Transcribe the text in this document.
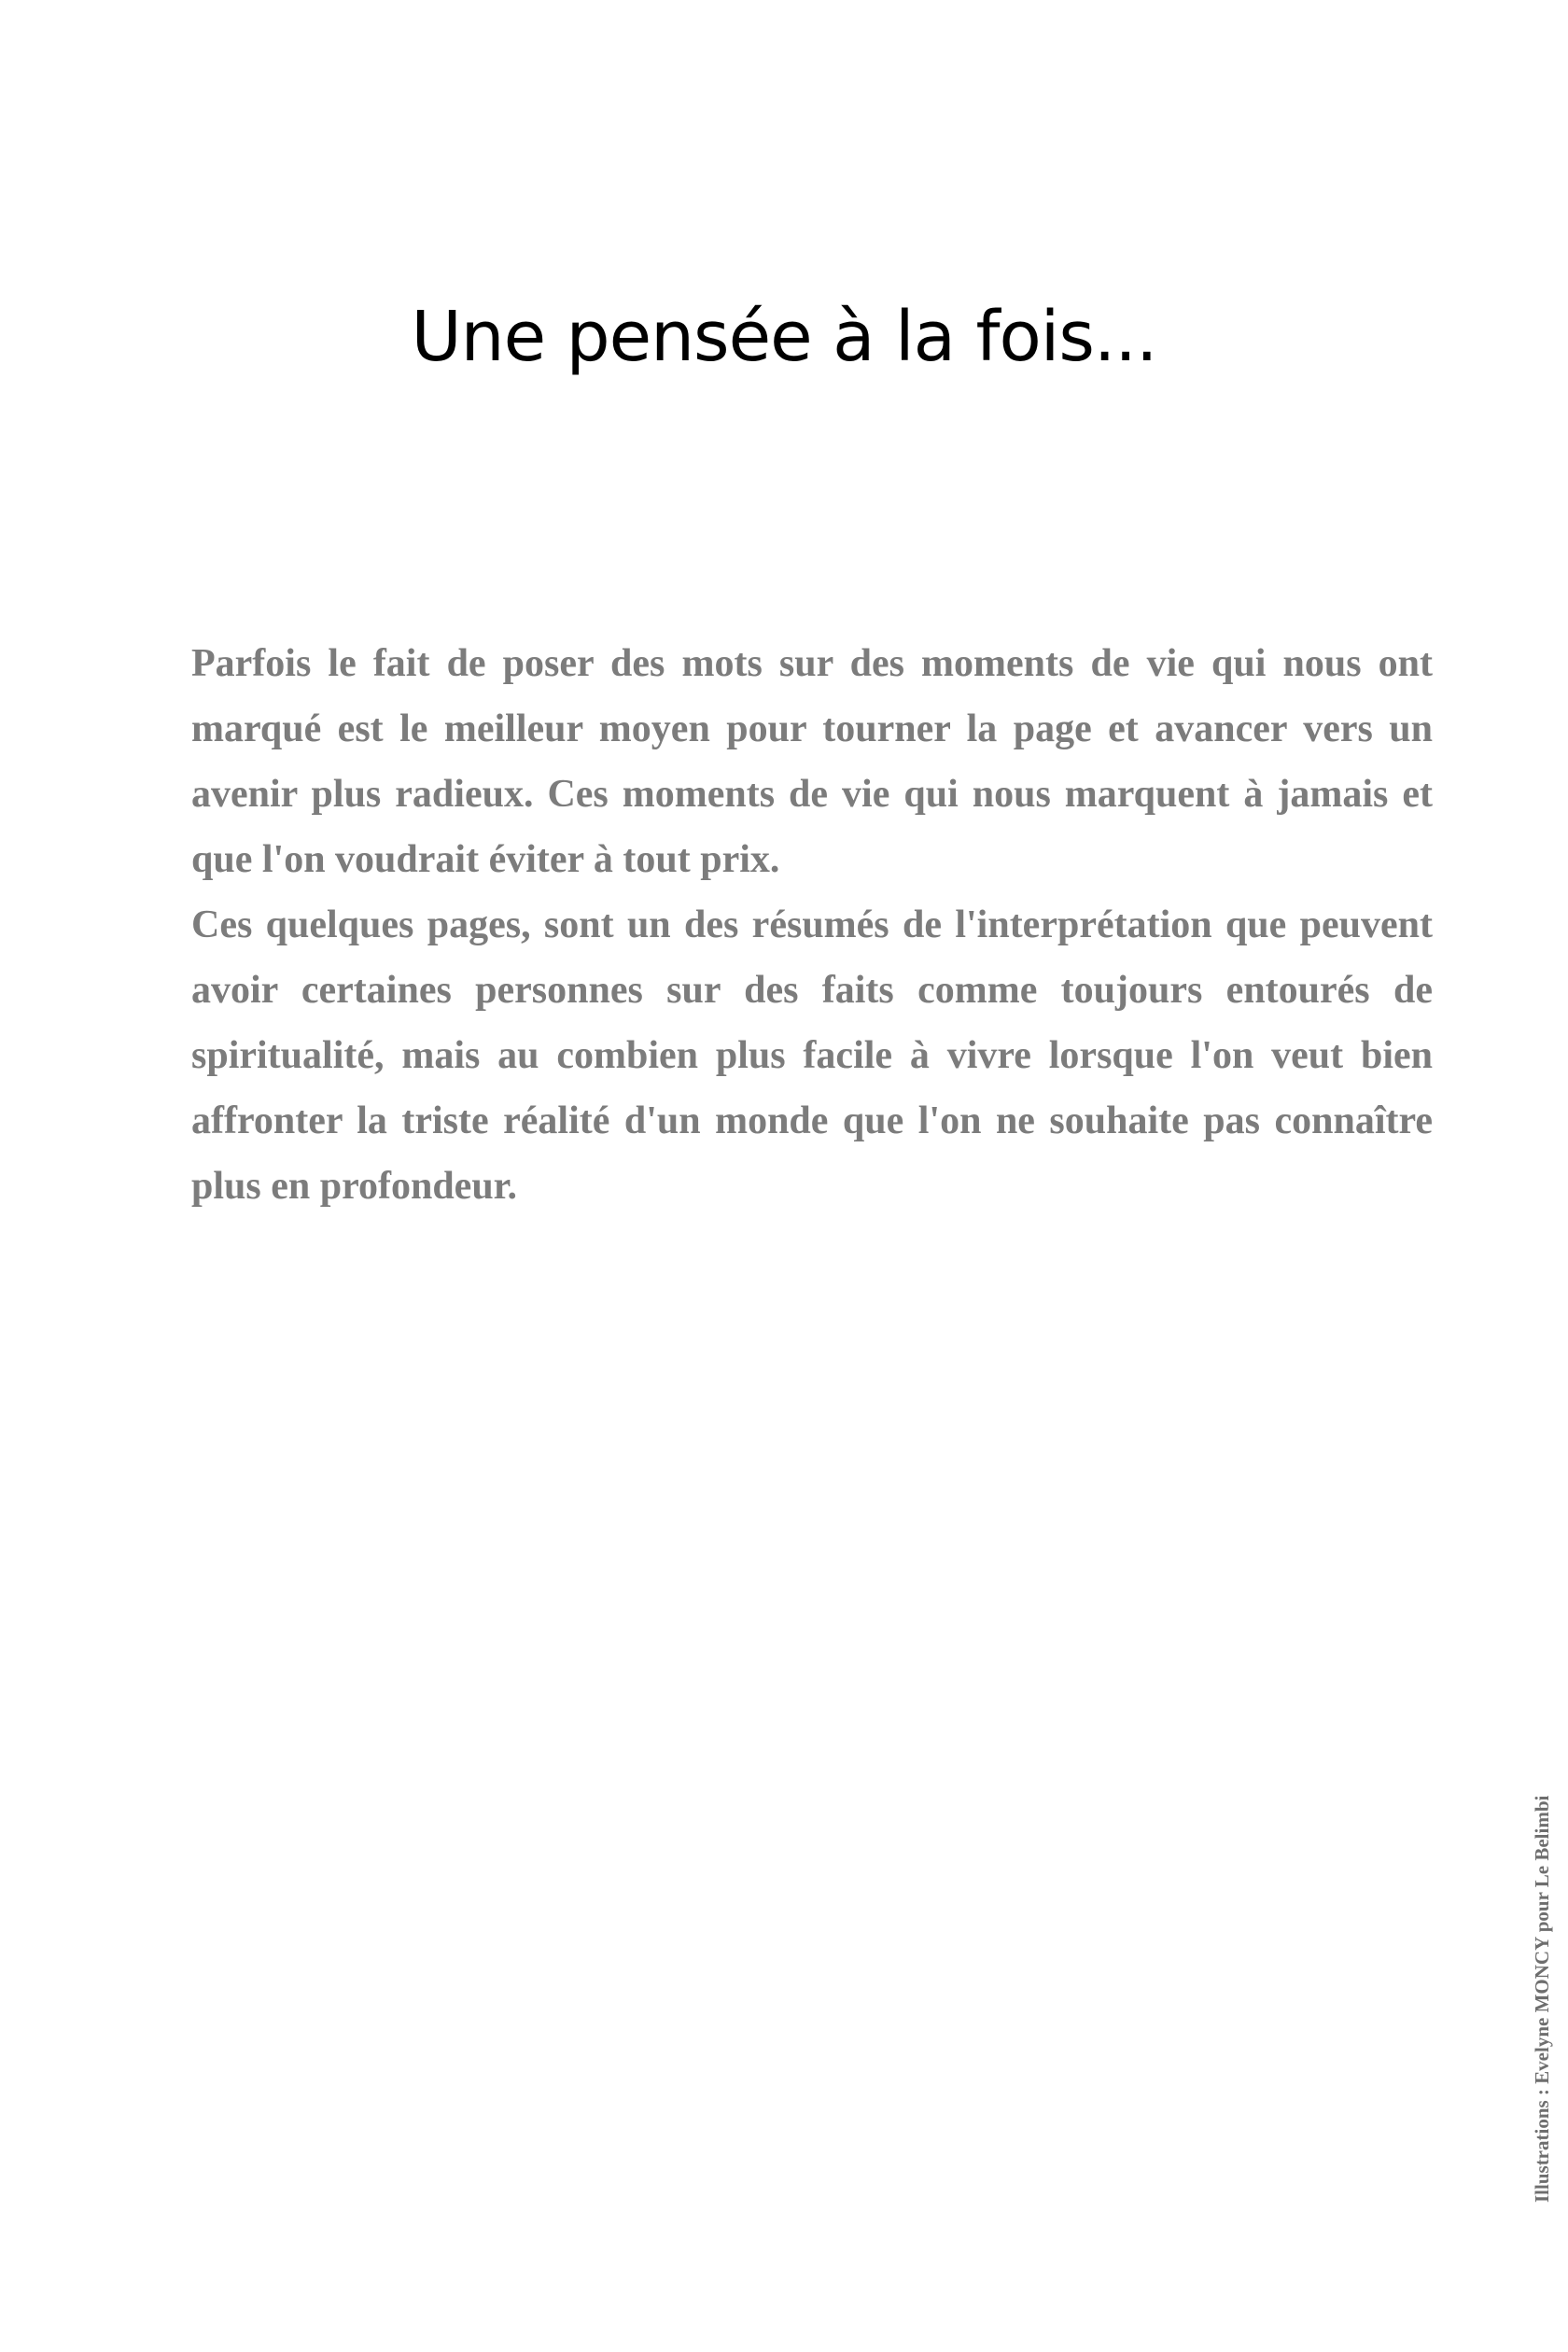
Une pensée à la fois...

Parfois le fait de poser des mots sur des moments de vie qui nous ont marqué est le meilleur moyen pour tourner la page et avancer vers un avenir plus radieux. Ces moments de vie qui nous marquent à jamais et que l'on voudrait éviter à tout prix.

Ces quelques pages, sont un des résumés de l'interprétation que peuvent avoir certaines personnes sur des faits comme toujours entourés de spiritualité, mais au combien plus facile à vivre lorsque l'on veut bien affronter la triste réalité d'un monde que l'on ne souhaite pas connaître plus en profondeur.

Illustrations : Evelyne MONCY pour Le Belimbi
